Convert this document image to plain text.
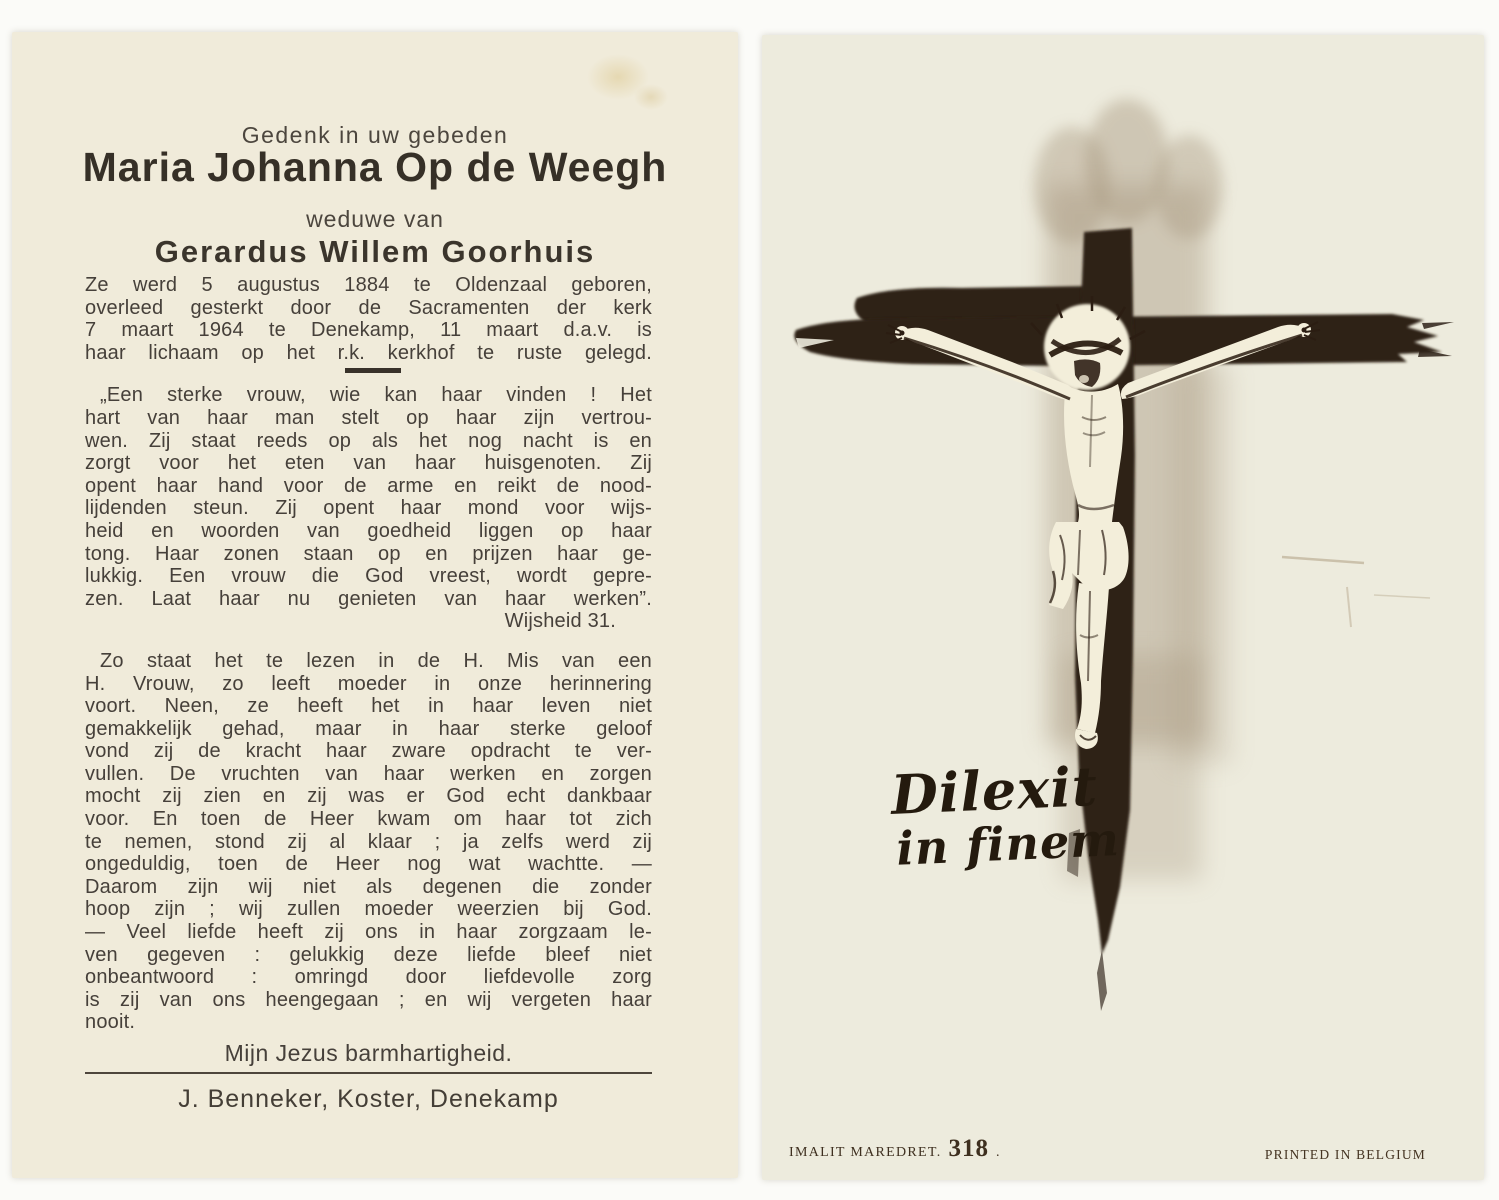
Gedenk in uw gebeden
Maria Johanna Op de Weegh
weduwe van
Gerardus Willem Goorhuis
Ze werd 5 augustus 1884 te Oldenzaal geboren,
overleed gesterkt door de Sacramenten der kerk
7 maart 1964 te Denekamp, 11 maart d.a.v. is
haar lichaam op het r.k. kerkhof te ruste gelegd.
„Een sterke vrouw, wie kan haar vinden ! Het
hart van haar man stelt op haar zijn vertrou-
wen. Zij staat reeds op als het nog nacht is en
zorgt voor het eten van haar huisgenoten. Zij
opent haar hand voor de arme en reikt de nood-
lijdenden steun. Zij opent haar mond voor wijs-
heid en woorden van goedheid liggen op haar
tong. Haar zonen staan op en prijzen haar ge-
lukkig. Een vrouw die God vreest, wordt gepre-
zen. Laat haar nu genieten van haar werken”.
Wijsheid 31.
Zo staat het te lezen in de H. Mis van een
H. Vrouw, zo leeft moeder in onze herinnering
voort. Neen, ze heeft het in haar leven niet
gemakkelijk gehad, maar in haar sterke geloof
vond zij de kracht haar zware opdracht te ver-
vullen. De vruchten van haar werken en zorgen
mocht zij zien en zij was er God echt dankbaar
voor. En toen de Heer kwam om haar tot zich
te nemen, stond zij al klaar ; ja zelfs werd zij
ongeduldig, toen de Heer nog wat wachtte. —
Daarom zijn wij niet als degenen die zonder
hoop zijn ; wij zullen moeder weerzien bij God.
— Veel liefde heeft zij ons in haar zorgzaam le-
ven gegeven : gelukkig deze liefde bleef niet
onbeantwoord : omringd door liefdevolle zorg
is zij van ons heengegaan ; en wij vergeten haar
nooit.
Mijn Jezus barmhartigheid.
J. Benneker, Koster, Denekamp
Dilexit
in finem
IMALIT MAREDRET. 318 .	PRINTED IN BELGIUM
